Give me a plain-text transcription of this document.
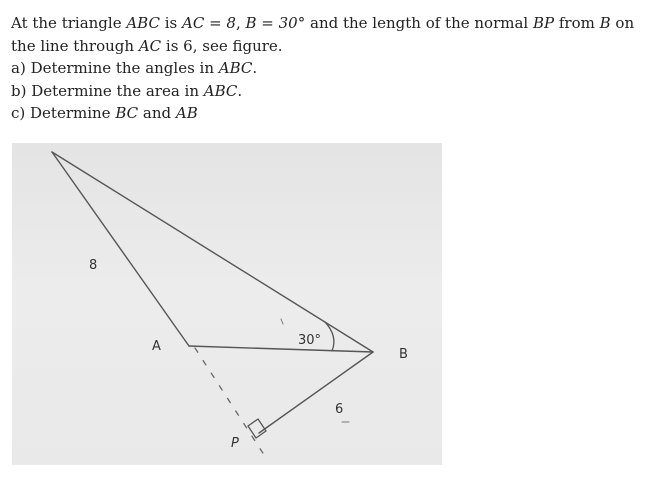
At the triangle ABC is AC = 8, B = 30° and the length of the normal BP from B on the line through AC is 6, see figure.

a) Determine the angles in ABC.

b) Determine the area in ABC.

c) Determine BC and AB

8
A	30°
B
6
P
